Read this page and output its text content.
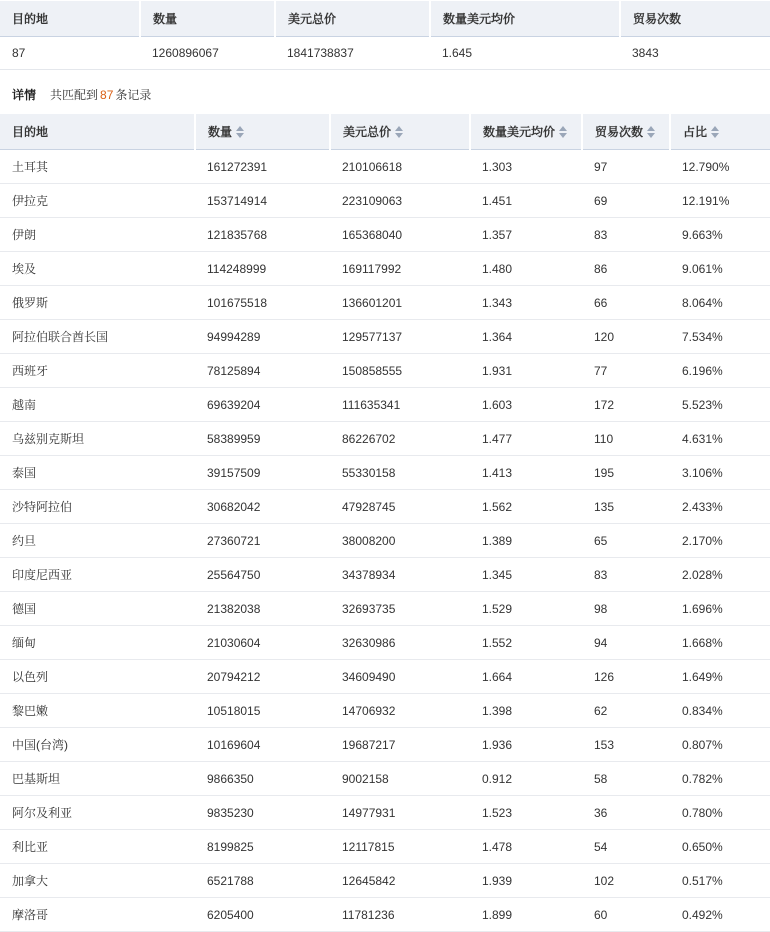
目的地	数量	美元总价	数量美元均价	贸易次数
87	1260896067	1841738837	1.645	3843
详情 共匹配到 87 条记录
目的地	数量	美元总价	数量美元均价	贸易次数	占比

土耳其	161272391	210106618	1.303	97	12.790%
伊拉克	153714914	223109063	1.451	69	12.191%
伊朗	121835768	165368040	1.357	83	9.663%
埃及	114248999	169117992	1.480	86	9.061%
俄罗斯	101675518	136601201	1.343	66	8.064%
阿拉伯联合酋长国	94994289	129577137	1.364	120	7.534%
西班牙	78125894	150858555	1.931	77	6.196%
越南	69639204	111635341	1.603	172	5.523%
乌兹别克斯坦	58389959	86226702	1.477	110	4.631%
泰国	39157509	55330158	1.413	195	3.106%
沙特阿拉伯	30682042	47928745	1.562	135	2.433%
约旦	27360721	38008200	1.389	65	2.170%
印度尼西亚	25564750	34378934	1.345	83	2.028%
德国	21382038	32693735	1.529	98	1.696%
缅甸	21030604	32630986	1.552	94	1.668%
以色列	20794212	34609490	1.664	126	1.649%
黎巴嫩	10518015	14706932	1.398	62	0.834%
中国(台湾)	10169604	19687217	1.936	153	0.807%
巴基斯坦	9866350	9002158	0.912	58	0.782%
阿尔及利亚	9835230	14977931	1.523	36	0.780%
利比亚	8199825	12117815	1.478	54	0.650%
加拿大	6521788	12645842	1.939	102	0.517%
摩洛哥	6205400	11781236	1.899	60	0.492%
